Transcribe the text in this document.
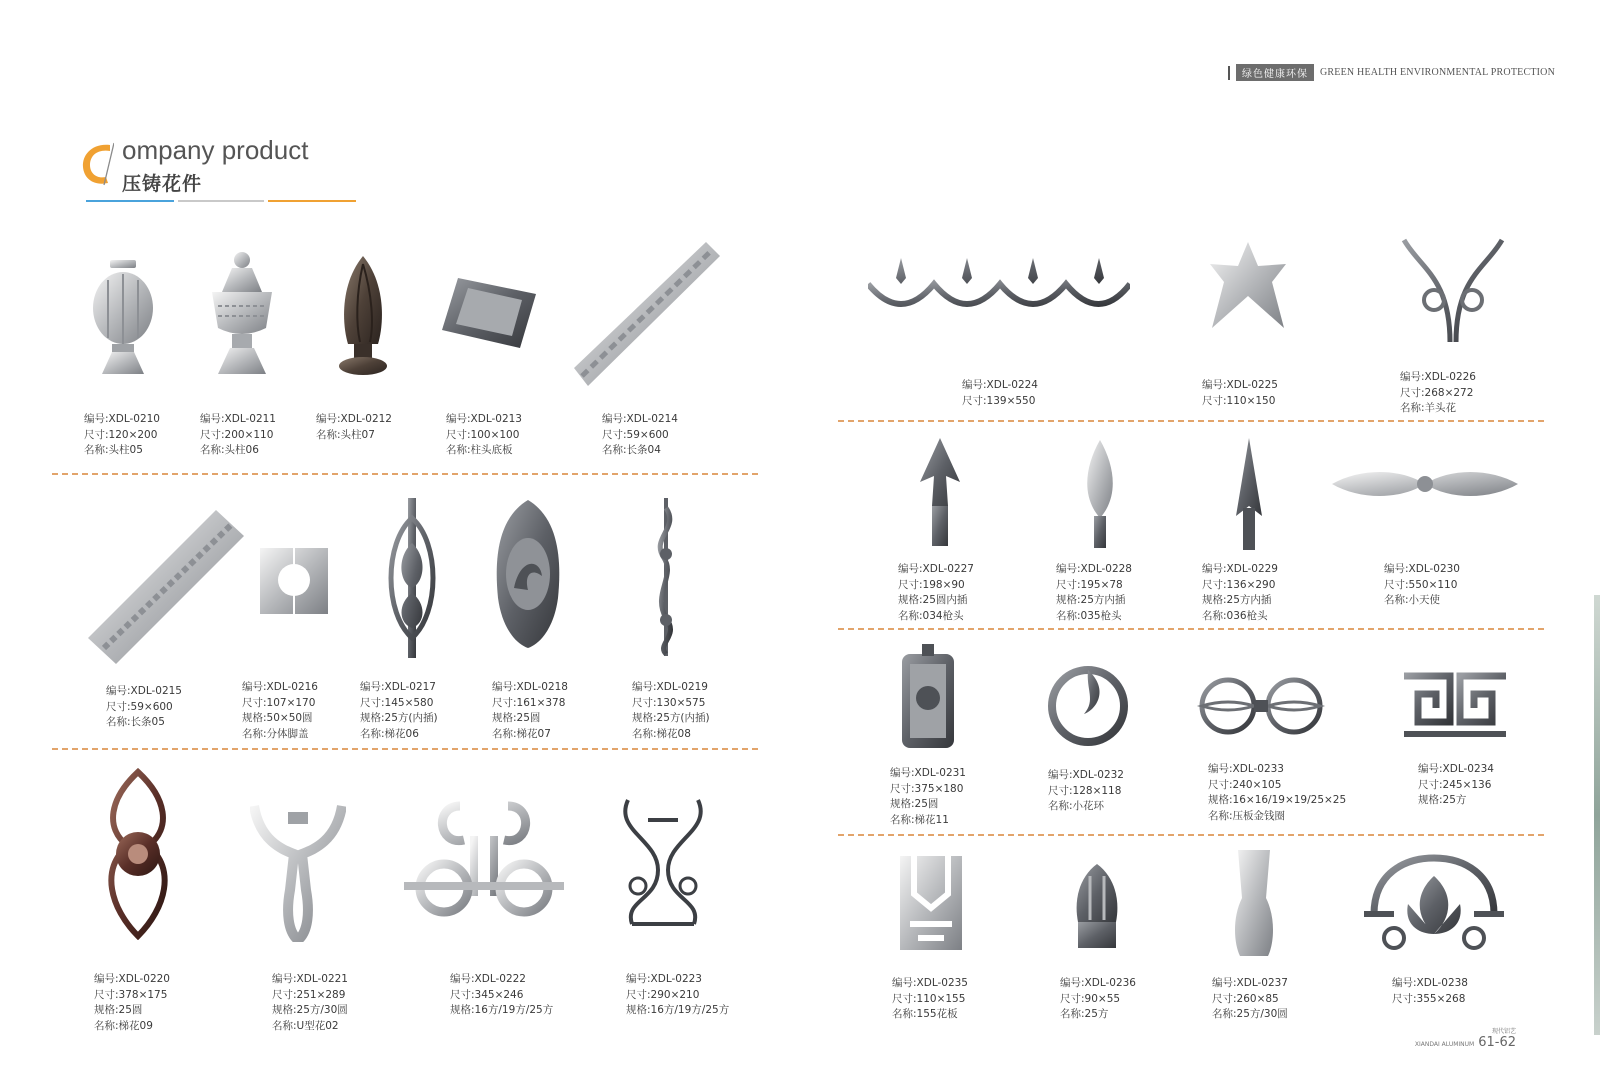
绿色健康环保	GREEN HEALTH ENVIRONMENTAL PROTECTION
ompany product
压铸花件
编号:XDL-0210
尺寸:120×200
名称:头柱05
编号:XDL-0211
尺寸:200×110
名称:头柱06
编号:XDL-0212
名称:头柱07
编号:XDL-0213
尺寸:100×100
名称:柱头底板
编号:XDL-0214
尺寸:59×600
名称:长条04
编号:XDL-0215
尺寸:59×600
名称:长条05
编号:XDL-0216
尺寸:107×170
规格:50×50圆
名称:分体脚盖
编号:XDL-0217
尺寸:145×580
规格:25方(内插)
名称:梯花06
编号:XDL-0218
尺寸:161×378
规格:25圆
名称:梯花07
编号:XDL-0219
尺寸:130×575
规格:25方(内插)
名称:梯花08
编号:XDL-0220
尺寸:378×175
规格:25圆
名称:梯花09
编号:XDL-0221
尺寸:251×289
规格:25方/30圆
名称:U型花02
编号:XDL-0222
尺寸:345×246
规格:16方/19方/25方
编号:XDL-0223
尺寸:290×210
规格:16方/19方/25方
编号:XDL-0224
尺寸:139×550
编号:XDL-0225
尺寸:110×150
编号:XDL-0226
尺寸:268×272
名称:羊头花
编号:XDL-0227
尺寸:198×90
规格:25圆内插
名称:034枪头
编号:XDL-0228
尺寸:195×78
规格:25方内插
名称:035枪头
编号:XDL-0229
尺寸:136×290
规格:25方内插
名称:036枪头
编号:XDL-0230
尺寸:550×110
名称:小天使
编号:XDL-0231
尺寸:375×180
规格:25圆
名称:梯花11
编号:XDL-0232
尺寸:128×118
名称:小花环
编号:XDL-0233
尺寸:240×105
规格:16×16/19×19/25×25
名称:压板金钱圈
编号:XDL-0234
尺寸:245×136
规格:25方
编号:XDL-0235
尺寸:110×155
名称:155花板
编号:XDL-0236
尺寸:90×55
名称:25方
编号:XDL-0237
尺寸:260×85
名称:25方/30圆
编号:XDL-0238
尺寸:355×268
现代铝艺
XIANDAI ALUMINUM 61-62
